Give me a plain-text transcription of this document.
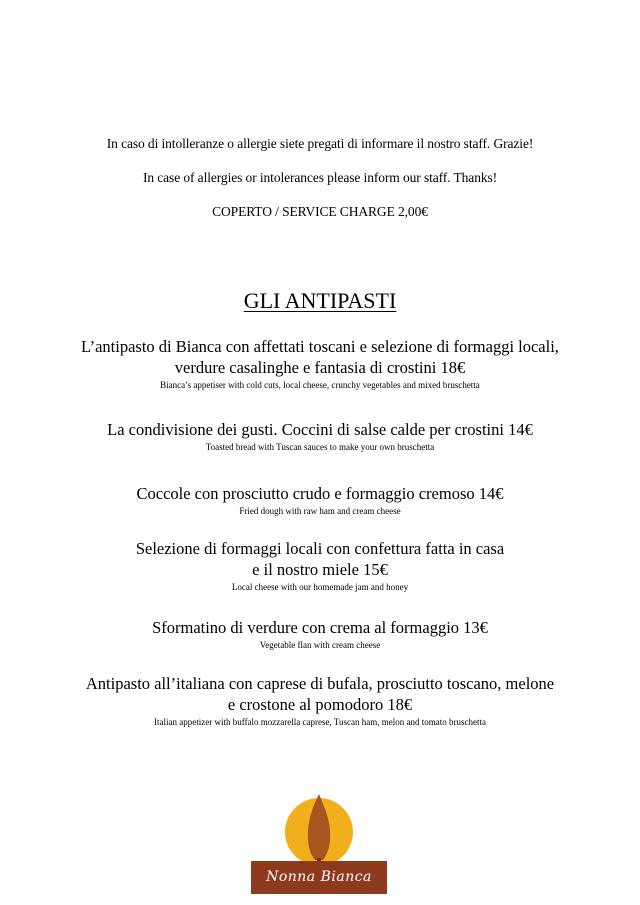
In caso di intolleranze o allergie siete pregati di informare il nostro staff. Grazie!
In case of allergies or intolerances please inform our staff. Thanks!
COPERTO / SERVICE CHARGE 2,00€
GLI ANTIPASTI
L’antipasto di Bianca con affettati toscani e selezione di formaggi locali,
verdure casalinghe e fantasia di crostini 18€
Bianca’s appetiser with cold cuts, local cheese, crunchy vegetables and mixed bruschetta
La condivisione dei gusti. Coccini di salse calde per crostini 14€
Toasted bread with Tuscan sauces to make your own bruschetta
Coccole con prosciutto crudo e formaggio cremoso 14€
Fried dough with raw ham and cream cheese
Selezione di formaggi locali con confettura fatta in casa
e il nostro miele 15€
Local cheese with our homemade jam and honey
Sformatino di verdure con crema al formaggio 13€
Vegetable flan with cream cheese
Antipasto all’italiana con caprese di bufala, prosciutto toscano, melone
e crostone al pomodoro 18€
Italian appetizer with buffalo mozzarella caprese, Tuscan ham, melon and tomato bruschetta
Nonna Bianca
